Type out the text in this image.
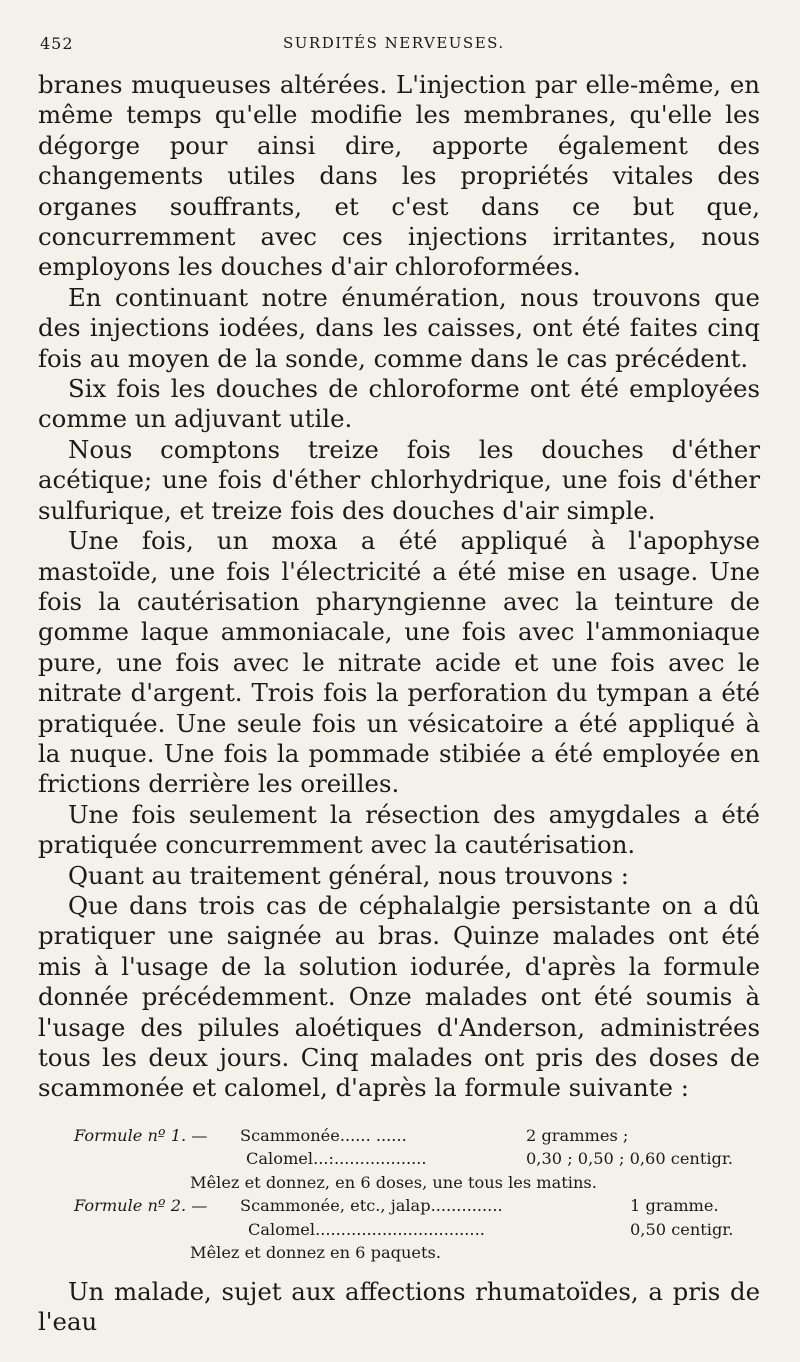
452	SURDITÉS NERVEUSES.

branes muqueuses altérées. L'injection par elle-même, en même temps qu'elle modifie les membranes, qu'elle les dégorge pour ainsi dire, apporte également des changements utiles dans les propriétés vitales des organes souffrants, et c'est dans ce but que, concurremment avec ces injections irritantes, nous employons les douches d'air chloroformées.

En continuant notre énumération, nous trouvons que des injections iodées, dans les caisses, ont été faites cinq fois au moyen de la sonde, comme dans le cas précédent.

Six fois les douches de chloroforme ont été employées comme un adjuvant utile.

Nous comptons treize fois les douches d'éther acétique; une fois d'éther chlorhydrique, une fois d'éther sulfurique, et treize fois des douches d'air simple.

Une fois, un moxa a été appliqué à l'apophyse mastoïde, une fois l'électricité a été mise en usage. Une fois la cautérisation pharyngienne avec la teinture de gomme laque ammoniacale, une fois avec l'ammoniaque pure, une fois avec le nitrate acide et une fois avec le nitrate d'argent. Trois fois la perforation du tympan a été pratiquée. Une seule fois un vésicatoire a été appliqué à la nuque. Une fois la pommade stibiée a été employée en frictions derrière les oreilles.

Une fois seulement la résection des amygdales a été pratiquée concurremment avec la cautérisation.

Quant au traitement général, nous trouvons :

Que dans trois cas de céphalalgie persistante on a dû pratiquer une saignée au bras. Quinze malades ont été mis à l'usage de la solution iodurée, d'après la formule donnée précédemment. Onze malades ont été soumis à l'usage des pilules aloétiques d'Anderson, administrées tous les deux jours. Cinq malades ont pris des doses de scammonée et calomel, d'après la formule suivante :

Formule nº 1. — Scammonée...... ......	2 grammes ;
Calomel...:..................	0,30 ; 0,50 ; 0,60 centigr.
Mêlez et donnez, en 6 doses, une tous les matins.
Formule nº 2. — Scammonée, etc., jalap..............	1 gramme.
Calomel.................................	0,50 centigr.
Mêlez et donnez en 6 paquets.

Un malade, sujet aux affections rhumatoïdes, a pris de l'eau
